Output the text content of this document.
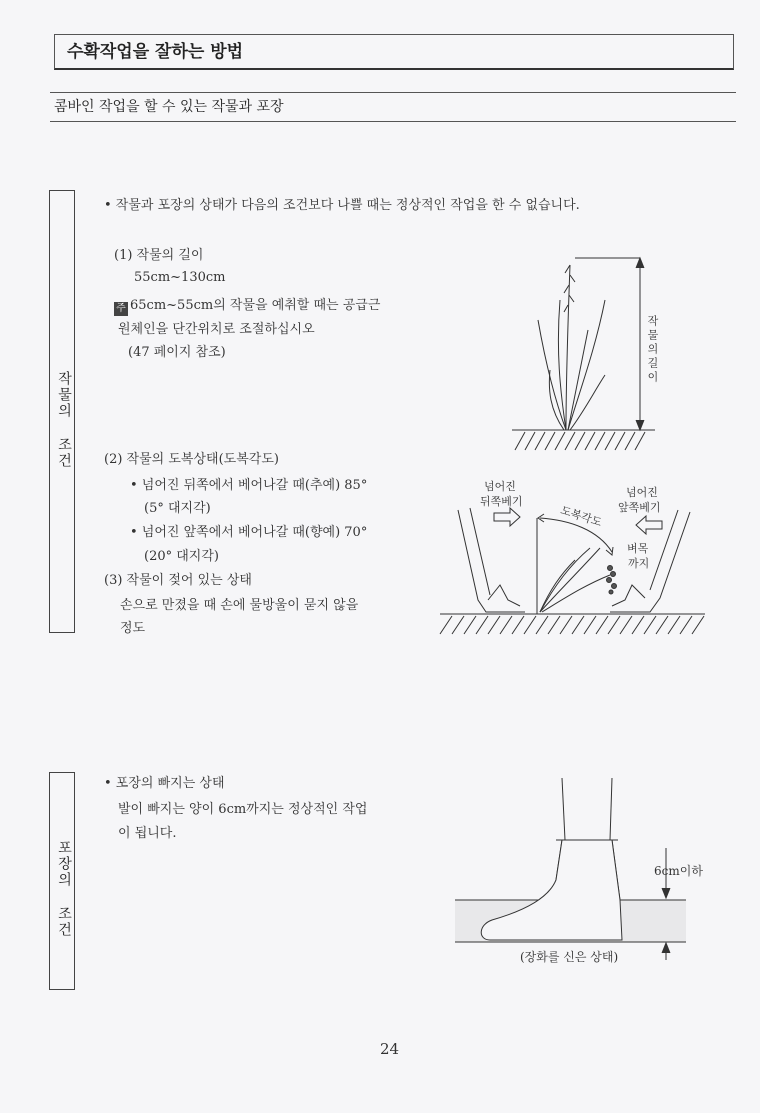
수확작업을 잘하는 방법
콤바인 작업을 할 수 있는 작물과 포장
작물의 조건
• 작물과 포장의 상태가 다음의 조건보다 나쁠 때는 정상적인 작업을 한 수 없습니다.
(1) 작물의 길이
55cm~130cm
주 65cm~55cm의 작물을 예취할 때는 공급근
원체인을 단간위치로 조절하십시오
(47 페이지 참조)
(2) 작물의 도복상태(도복각도)
• 넘어진 뒤쪽에서 베어나갈 때(추예) 85°
(5° 대지각)
• 넘어진 앞쪽에서 베어나갈 때(향예) 70°
(20° 대지각)
(3) 작물이 젖어 있는 상태
손으로 만졌을 때 손에 물방울이 묻지 않을
정도
포장의 조건
• 포장의 빠지는 상태
발이 빠지는 양이 6cm까지는 정상적인 작업
이 됩니다.
작물의길이
넘어진
뒤쪽베기
넘어진
앞쪽베기
도복각도
벼목
까지
6cm이하
(장화를 신은 상태)
24
